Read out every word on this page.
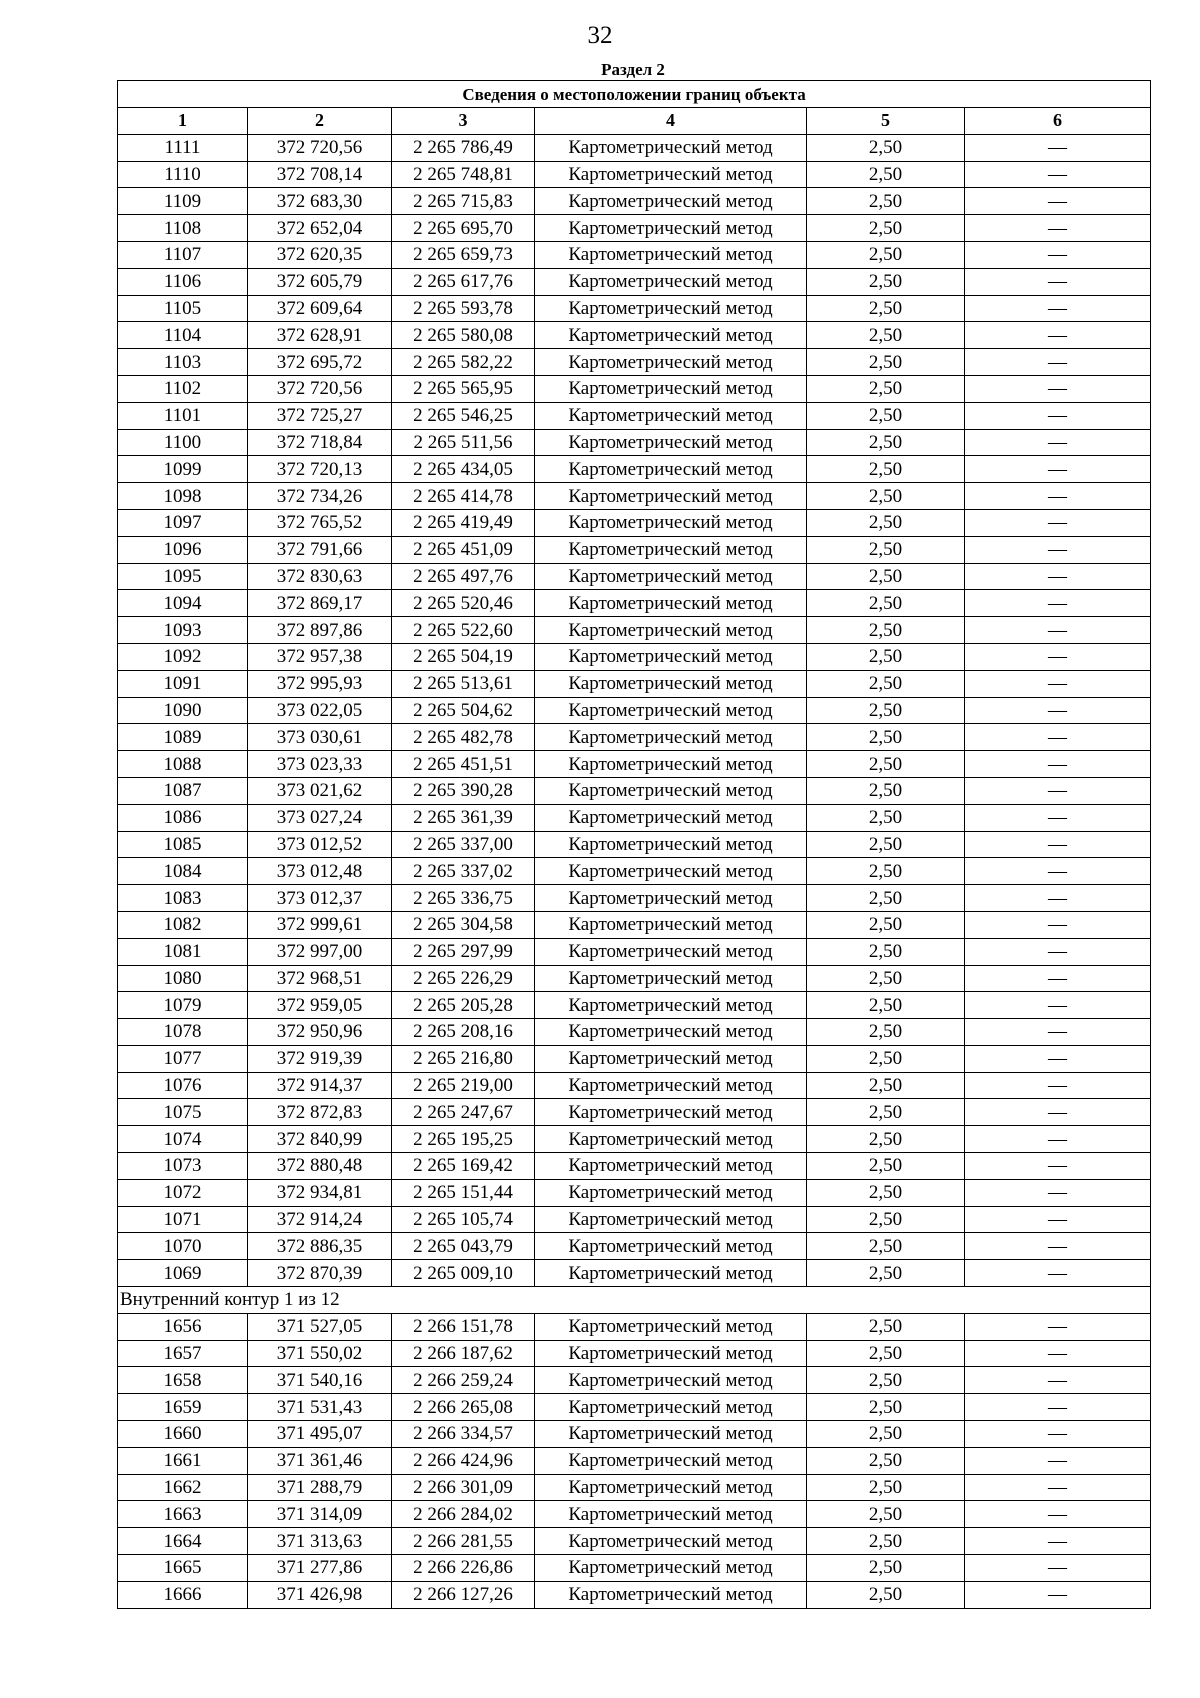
32
Раздел 2
Сведения о местоположении границ объекта					
1	2	3	4	5	6
1111	372 720,56	2 265 786,49	Картометрический метод	2,50	—
1110	372 708,14	2 265 748,81	Картометрический метод	2,50	—
1109	372 683,30	2 265 715,83	Картометрический метод	2,50	—
1108	372 652,04	2 265 695,70	Картометрический метод	2,50	—
1107	372 620,35	2 265 659,73	Картометрический метод	2,50	—
1106	372 605,79	2 265 617,76	Картометрический метод	2,50	—
1105	372 609,64	2 265 593,78	Картометрический метод	2,50	—
1104	372 628,91	2 265 580,08	Картометрический метод	2,50	—
1103	372 695,72	2 265 582,22	Картометрический метод	2,50	—
1102	372 720,56	2 265 565,95	Картометрический метод	2,50	—
1101	372 725,27	2 265 546,25	Картометрический метод	2,50	—
1100	372 718,84	2 265 511,56	Картометрический метод	2,50	—
1099	372 720,13	2 265 434,05	Картометрический метод	2,50	—
1098	372 734,26	2 265 414,78	Картометрический метод	2,50	—
1097	372 765,52	2 265 419,49	Картометрический метод	2,50	—
1096	372 791,66	2 265 451,09	Картометрический метод	2,50	—
1095	372 830,63	2 265 497,76	Картометрический метод	2,50	—
1094	372 869,17	2 265 520,46	Картометрический метод	2,50	—
1093	372 897,86	2 265 522,60	Картометрический метод	2,50	—
1092	372 957,38	2 265 504,19	Картометрический метод	2,50	—
1091	372 995,93	2 265 513,61	Картометрический метод	2,50	—
1090	373 022,05	2 265 504,62	Картометрический метод	2,50	—
1089	373 030,61	2 265 482,78	Картометрический метод	2,50	—
1088	373 023,33	2 265 451,51	Картометрический метод	2,50	—
1087	373 021,62	2 265 390,28	Картометрический метод	2,50	—
1086	373 027,24	2 265 361,39	Картометрический метод	2,50	—
1085	373 012,52	2 265 337,00	Картометрический метод	2,50	—
1084	373 012,48	2 265 337,02	Картометрический метод	2,50	—
1083	373 012,37	2 265 336,75	Картометрический метод	2,50	—
1082	372 999,61	2 265 304,58	Картометрический метод	2,50	—
1081	372 997,00	2 265 297,99	Картометрический метод	2,50	—
1080	372 968,51	2 265 226,29	Картометрический метод	2,50	—
1079	372 959,05	2 265 205,28	Картометрический метод	2,50	—
1078	372 950,96	2 265 208,16	Картометрический метод	2,50	—
1077	372 919,39	2 265 216,80	Картометрический метод	2,50	—
1076	372 914,37	2 265 219,00	Картометрический метод	2,50	—
1075	372 872,83	2 265 247,67	Картометрический метод	2,50	—
1074	372 840,99	2 265 195,25	Картометрический метод	2,50	—
1073	372 880,48	2 265 169,42	Картометрический метод	2,50	—
1072	372 934,81	2 265 151,44	Картометрический метод	2,50	—
1071	372 914,24	2 265 105,74	Картометрический метод	2,50	—
1070	372 886,35	2 265 043,79	Картометрический метод	2,50	—
1069	372 870,39	2 265 009,10	Картометрический метод	2,50	—
Внутренний контур 1 из 12					
1656	371 527,05	2 266 151,78	Картометрический метод	2,50	—
1657	371 550,02	2 266 187,62	Картометрический метод	2,50	—
1658	371 540,16	2 266 259,24	Картометрический метод	2,50	—
1659	371 531,43	2 266 265,08	Картометрический метод	2,50	—
1660	371 495,07	2 266 334,57	Картометрический метод	2,50	—
1661	371 361,46	2 266 424,96	Картометрический метод	2,50	—
1662	371 288,79	2 266 301,09	Картометрический метод	2,50	—
1663	371 314,09	2 266 284,02	Картометрический метод	2,50	—
1664	371 313,63	2 266 281,55	Картометрический метод	2,50	—
1665	371 277,86	2 266 226,86	Картометрический метод	2,50	—
1666	371 426,98	2 266 127,26	Картометрический метод	2,50	—
